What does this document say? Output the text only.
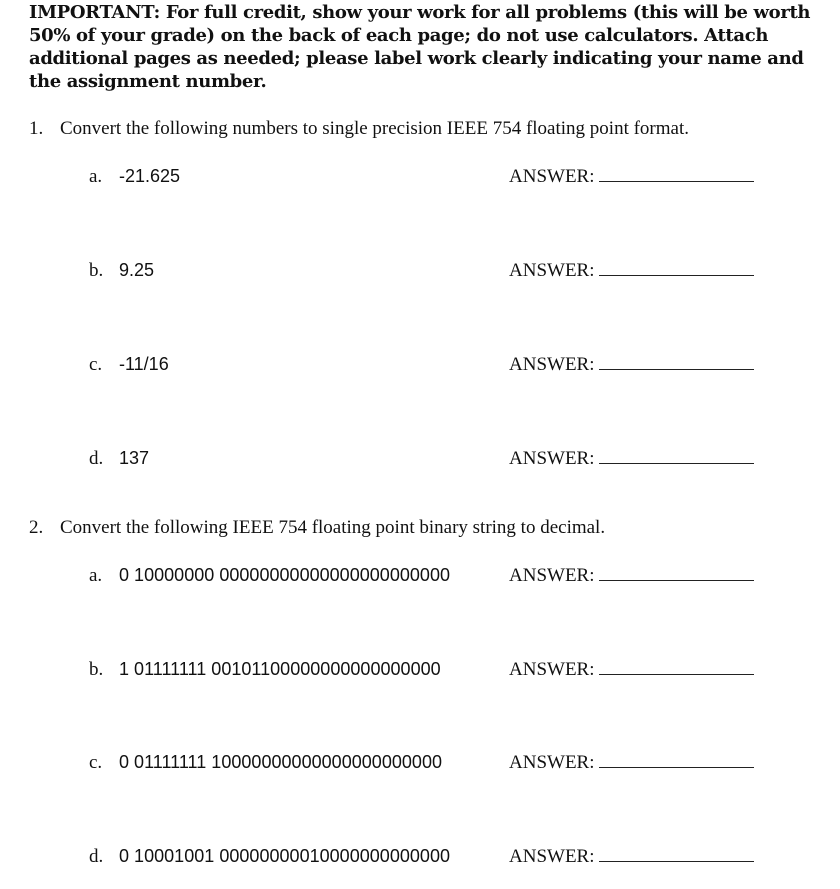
IMPORTANT: For full credit, show your work for all problems (this will be worth 50% of your grade) on the back of each page; do not use calculators. Attach additional pages as needed; please label work clearly indicating your name and the assignment number.

1. Convert the following numbers to single precision IEEE 754 floating point format.

a. -21.625	ANSWER:
b. 9.25	ANSWER:
c. -11/16	ANSWER:
d. 137	ANSWER:

2. Convert the following IEEE 754 floating point binary string to decimal.

a. 0 10000000 00000000000000000000000	ANSWER:
b. 1 01111111 00101100000000000000000	ANSWER:
c. 0 01111111 10000000000000000000000	ANSWER:
d. 0 10001001 00000000010000000000000	ANSWER:
